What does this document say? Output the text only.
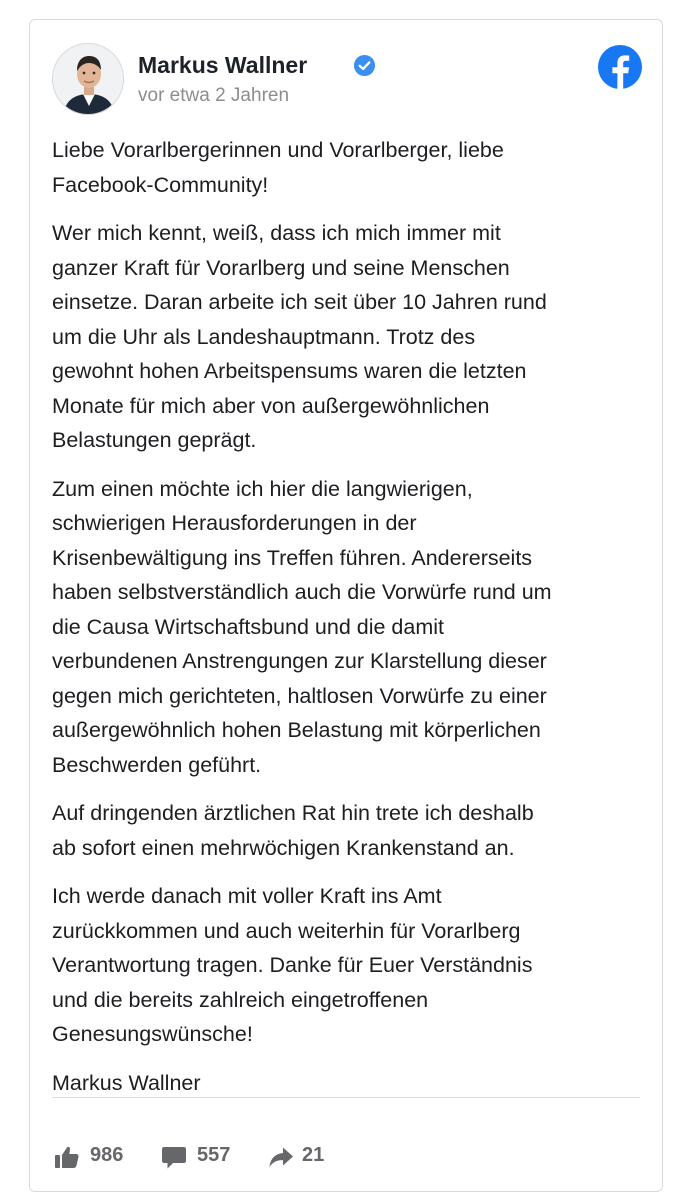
Markus Wallner
vor etwa 2 Jahren

Liebe Vorarlbergerinnen und Vorarlberger, liebe
Facebook-Community!

Wer mich kennt, weiß, dass ich mich immer mit
ganzer Kraft für Vorarlberg und seine Menschen
einsetze. Daran arbeite ich seit über 10 Jahren rund
um die Uhr als Landeshauptmann. Trotz des
gewohnt hohen Arbeitspensums waren die letzten
Monate für mich aber von außergewöhnlichen
Belastungen geprägt.

Zum einen möchte ich hier die langwierigen,
schwierigen Herausforderungen in der
Krisenbewältigung ins Treffen führen. Andererseits
haben selbstverständlich auch die Vorwürfe rund um
die Causa Wirtschaftsbund und die damit
verbundenen Anstrengungen zur Klarstellung dieser
gegen mich gerichteten, haltlosen Vorwürfe zu einer
außergewöhnlich hohen Belastung mit körperlichen
Beschwerden geführt.

Auf dringenden ärztlichen Rat hin trete ich deshalb
ab sofort einen mehrwöchigen Krankenstand an.

Ich werde danach mit voller Kraft ins Amt
zurückkommen und auch weiterhin für Vorarlberg
Verantwortung tragen. Danke für Euer Verständnis
und die bereits zahlreich eingetroffenen
Genesungswünsche!

Markus Wallner

986	557	21
